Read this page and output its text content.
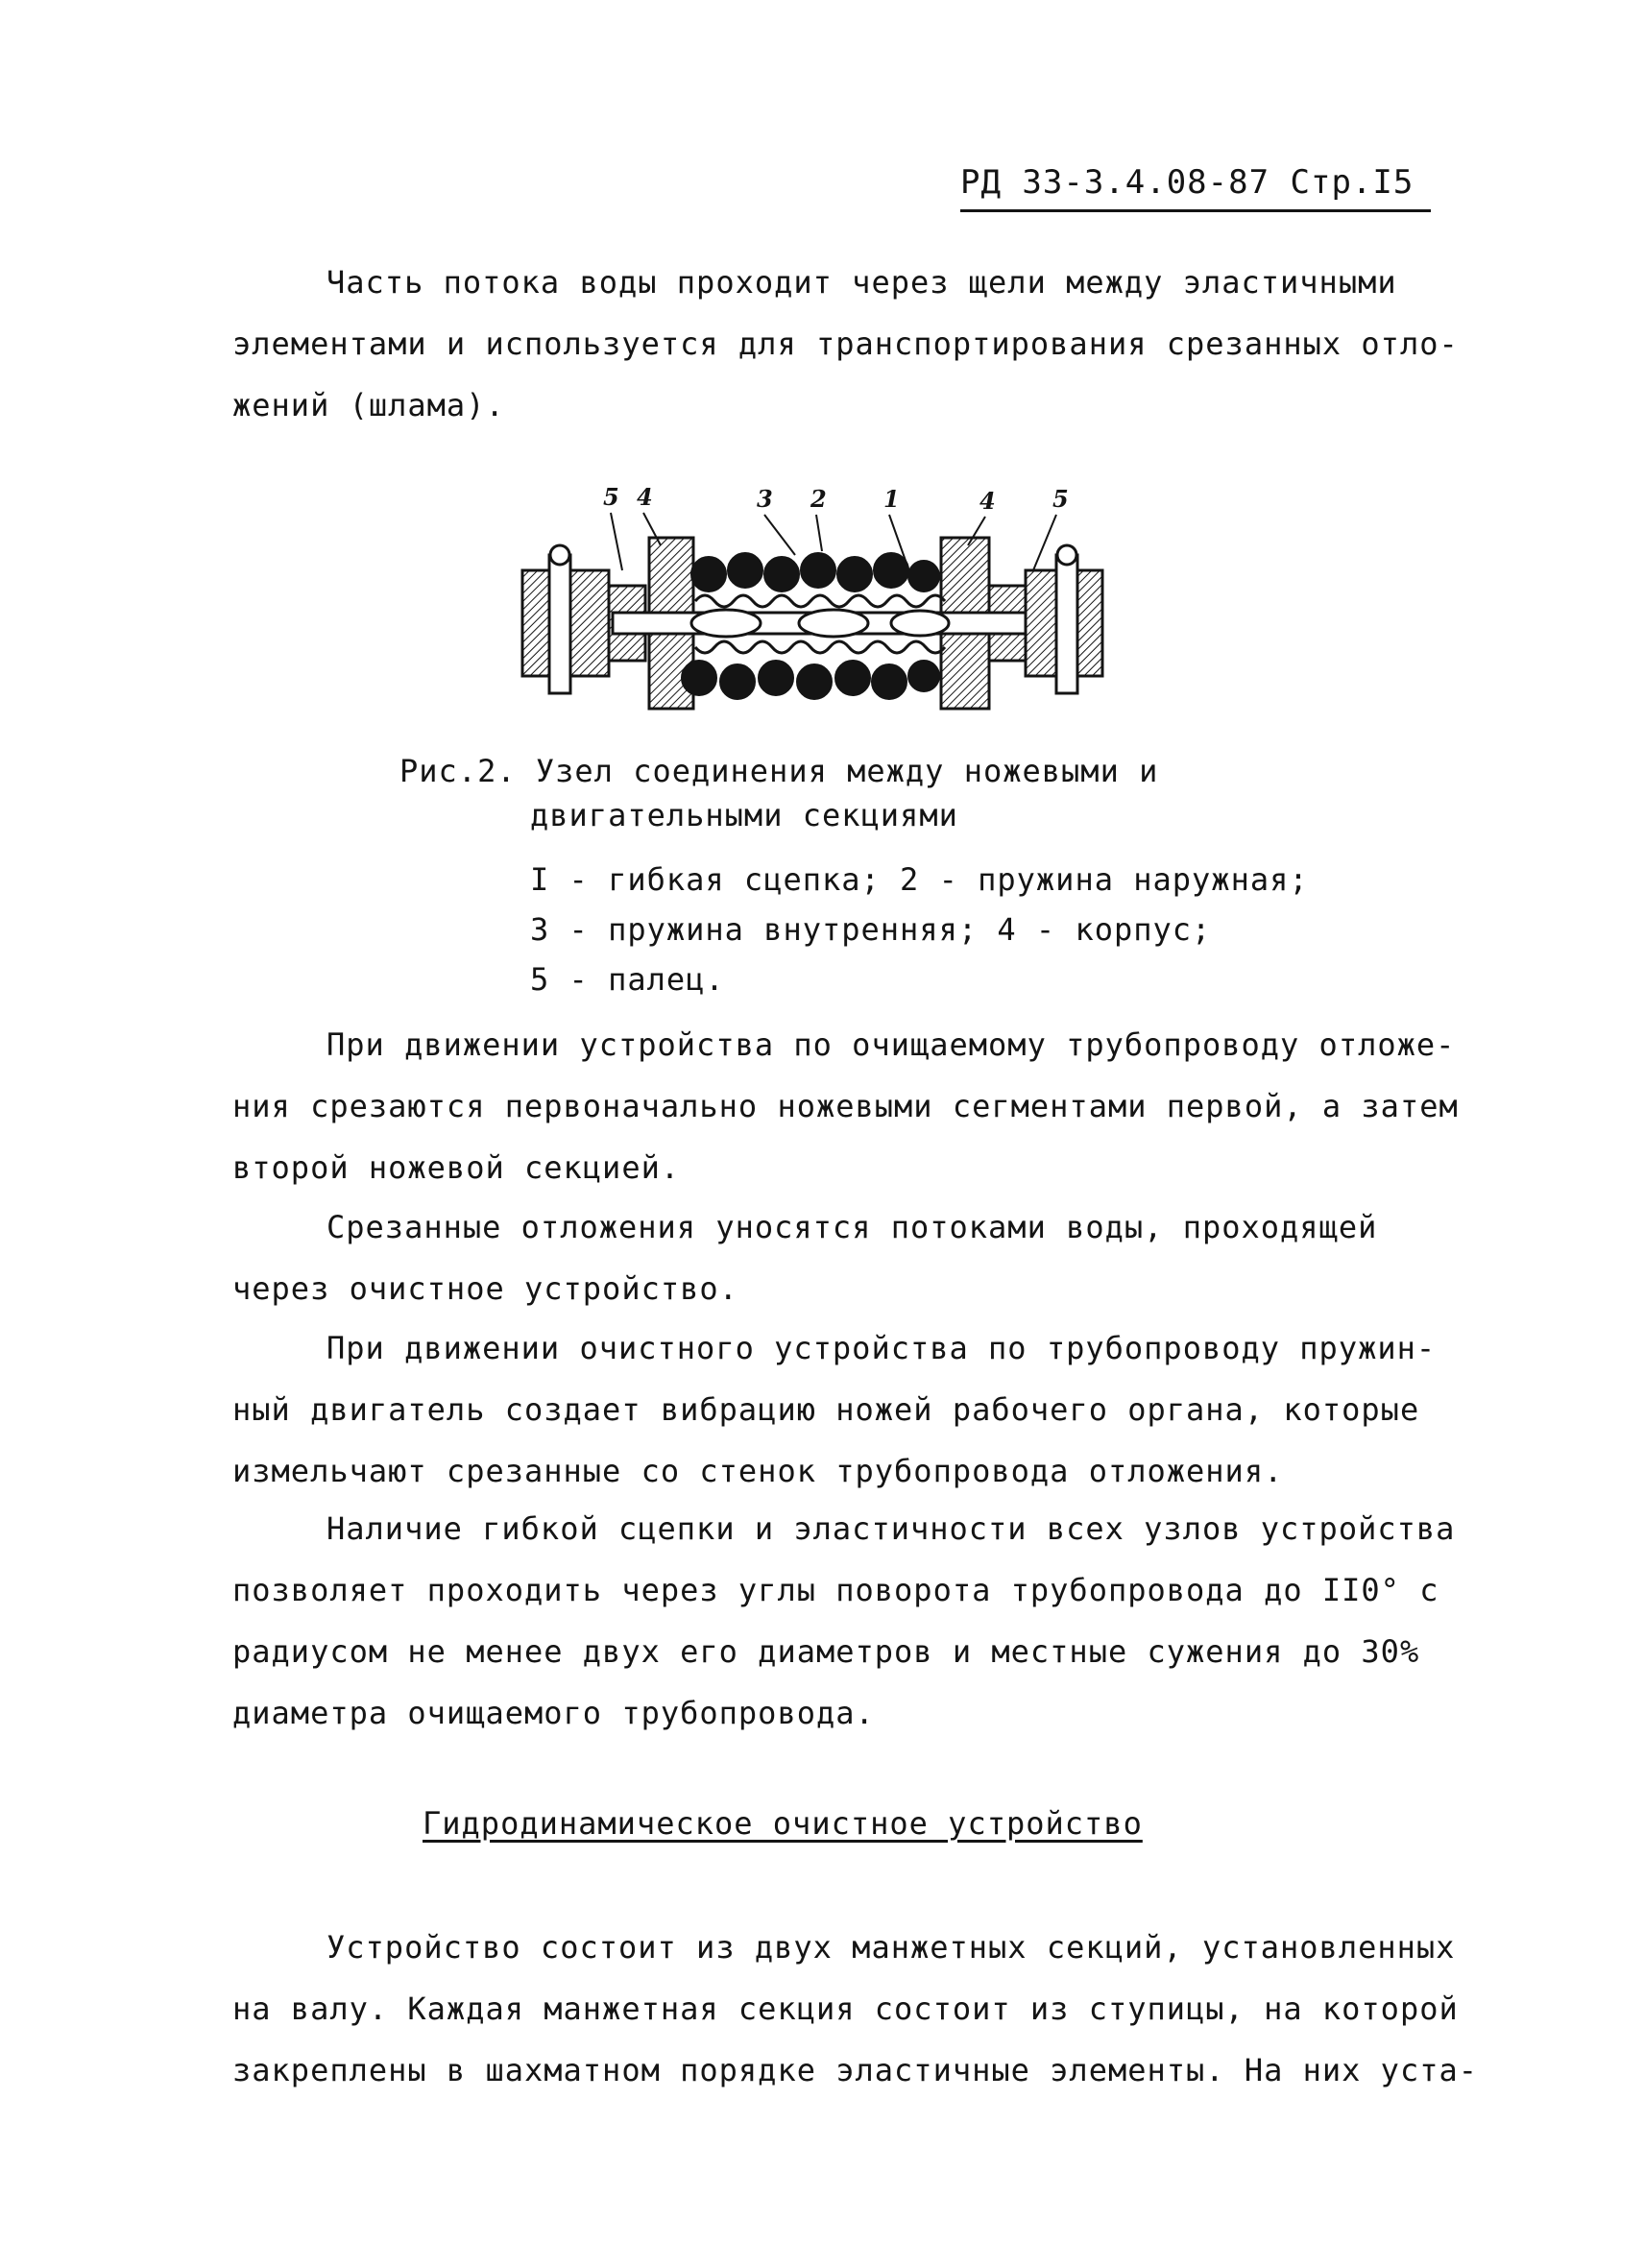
РД 33-3.4.08-87 Стр.I5
Часть потока воды проходит через щели между эластичными
элементами и используется для транспортирования срезанных отло-
жений (шлама).
5 4	3 2 1	4 5
Рис.2. Узел соединения между ножевыми и
двигательными секциями
I - гибкая сцепка; 2 - пружина наружная;
3 - пружина внутренняя; 4 - корпус;
5 - палец.
При движении устройства по очищаемому трубопроводу отложе-
ния срезаются первоначально ножевыми сегментами первой, а затем
второй ножевой секцией.
Срезанные отложения уносятся потоками воды, проходящей
через очистное устройство.
При движении очистного устройства по трубопроводу пружин-
ный двигатель создает вибрацию ножей рабочего органа, которые
измельчают срезанные со стенок трубопровода отложения.
Наличие гибкой сцепки и эластичности всех узлов устройства
позволяет проходить через углы поворота трубопровода до II0° с
радиусом не менее двух его диаметров и местные сужения до 30%
диаметра очищаемого трубопровода.
Гидродинамическое очистное устройство
Устройство состоит из двух манжетных секций, установленных
на валу. Каждая манжетная секция состоит из ступицы, на которой
закреплены в шахматном порядке эластичные элементы. На них уста-
